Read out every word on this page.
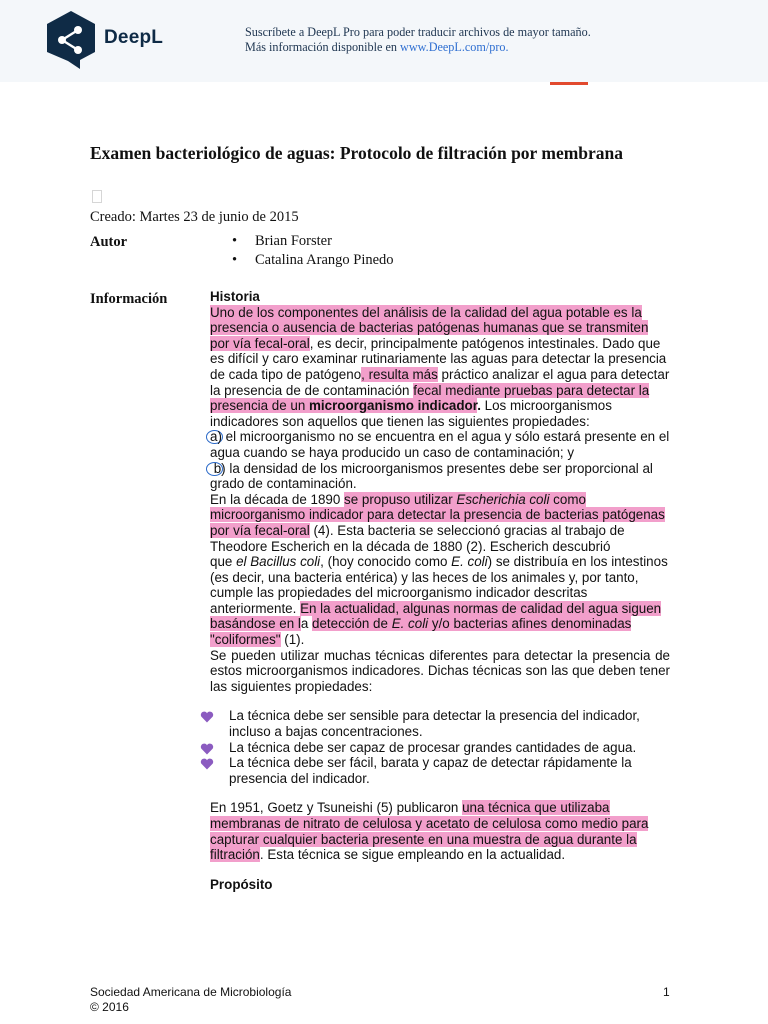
DeepL	Suscríbete a DeepL Pro para poder traducir archivos de mayor tamaño.
Más información disponible en www.DeepL.com/pro.
Examen bacteriológico de aguas: Protocolo de filtración por membrana
Creado: Martes 23 de junio de 2015
Autor	• Brian Forster
• Catalina Arango Pinedo
Información	Historia

Uno de los componentes del análisis de la calidad del agua potable es la presencia o ausencia de bacterias patógenas humanas que se transmiten por vía fecal-oral, es decir, principalmente patógenos intestinales. Dado que es difícil y caro examinar rutinariamente las aguas para detectar la presencia de cada tipo de patógeno, resulta más práctico analizar el agua para detectar la presencia de de contaminación fecal mediante pruebas para detectar la presencia de un microorganismo indicador. Los microorganismos indicadores son aquellos que tienen las siguientes propiedades:
a) el microorganismo no se encuentra en el agua y sólo estará presente en el agua cuando se haya producido un caso de contaminación; y
b) la densidad de los microorganismos presentes debe ser proporcional al grado de contaminación.

En la década de 1890 se propuso utilizar Escherichia coli como microorganismo indicador para detectar la presencia de bacterias patógenas por vía fecal-oral (4). Esta bacteria se seleccionó gracias al trabajo de Theodore Escherich en la década de 1880 (2). Escherich descubrió
que el Bacillus coli, (hoy conocido como E. coli) se distribuía en los intestinos (es decir, una bacteria entérica) y las heces de los animales y, por tanto, cumple las propiedades del microorganismo indicador descritas anteriormente. En la actualidad, algunas normas de calidad del agua siguen basándose en la detección de E. coli y/o bacterias afines denominadas "coliformes" (1).

Se pueden utilizar muchas técnicas diferentes para detectar la presencia de estos microorganismos indicadores. Dichas técnicas son las que deben tener las siguientes propiedades:

La técnica debe ser sensible para detectar la presencia del indicador, incluso a bajas concentraciones.
La técnica debe ser capaz de procesar grandes cantidades de agua.
La técnica debe ser fácil, barata y capaz de detectar rápidamente la presencia del indicador.

En 1951, Goetz y Tsuneishi (5) publicaron una técnica que utilizaba membranas de nitrato de celulosa y acetato de celulosa como medio para capturar cualquier bacteria presente en una muestra de agua durante la filtración. Esta técnica se sigue empleando en la actualidad.

Propósito
Sociedad Americana de Microbiología © 2016
1
